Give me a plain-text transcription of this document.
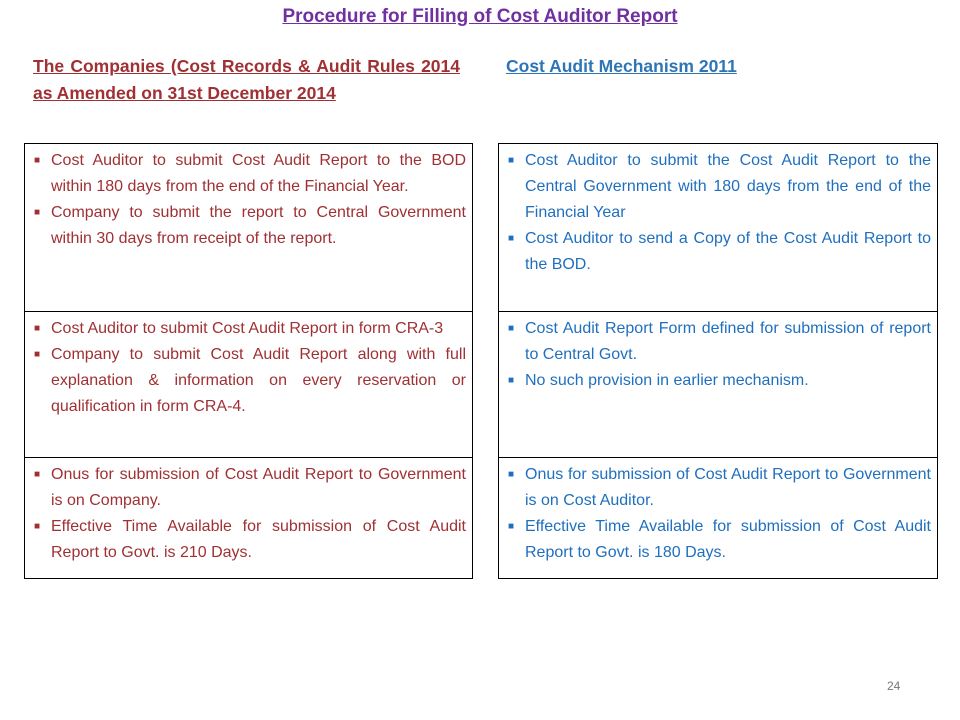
Procedure for Filling of Cost Auditor Report
The Companies (Cost Records & Audit Rules 2014 as Amended on 31st December 2014
Cost Audit Mechanism 2011
■ Cost Auditor to submit Cost Audit Report to the BOD within 180 days from the end of the Financial Year.
■ Company to submit the report to Central Government within 30 days from receipt of the report.
■ Cost Auditor to submit Cost Audit Report in form CRA-3
■ Company to submit Cost Audit Report along with full explanation & information on every reservation or qualification in form CRA-4.
■ Onus for submission of Cost Audit Report to Government is on Company.
■ Effective Time Available for submission of Cost Audit Report to Govt. is 210 Days.
■ Cost Auditor to submit the Cost Audit Report to the Central Government with 180 days from the end of the Financial Year
■ Cost Auditor to send a Copy of the Cost Audit Report to the BOD.
■ Cost Audit Report Form defined for submission of report to Central Govt.
■ No such provision in earlier mechanism.
■ Onus for submission of Cost Audit Report to Government is on Cost Auditor.
■ Effective Time Available for submission of Cost Audit Report to Govt. is 180 Days.
24
